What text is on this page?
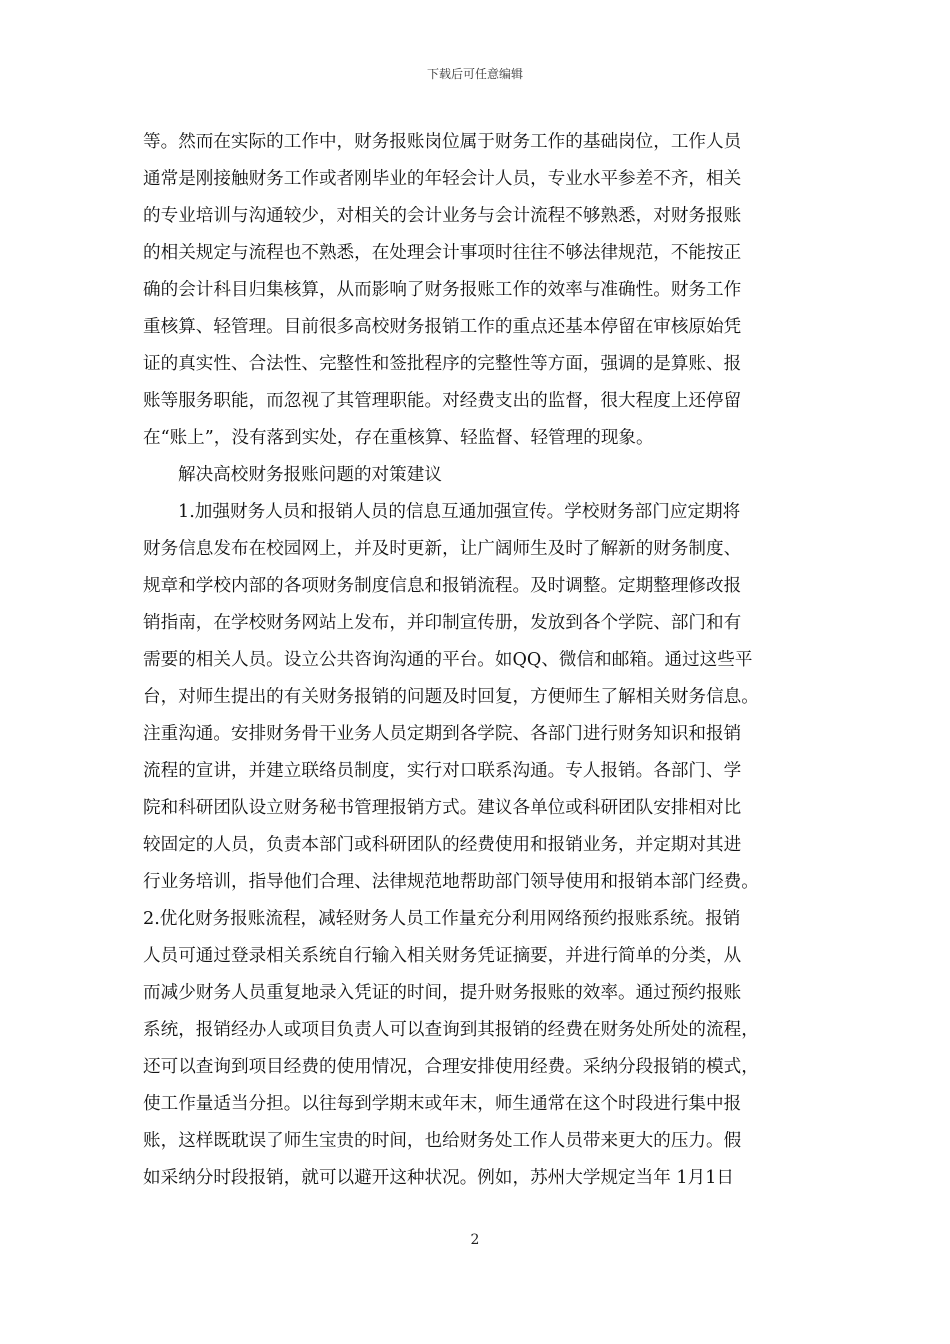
下载后可任意编辑
等。然而在实际的工作中，财务报账岗位属于财务工作的基础岗位，工作人员
通常是刚接触财务工作或者刚毕业的年轻会计人员，专业水平参差不齐，相关
的专业培训与沟通较少，对相关的会计业务与会计流程不够熟悉，对财务报账
的相关规定与流程也不熟悉，在处理会计事项时往往不够法律规范，不能按正
确的会计科目归集核算，从而影响了财务报账工作的效率与准确性。财务工作
重核算、轻管理。目前很多高校财务报销工作的重点还基本停留在审核原始凭
证的真实性、合法性、完整性和签批程序的完整性等方面，强调的是算账、报
账等服务职能，而忽视了其管理职能。对经费支出的监督，很大程度上还停留
在“账上”，没有落到实处，存在重核算、轻监督、轻管理的现象。
解决高校财务报账问题的对策建议
1.加强财务人员和报销人员的信息互通加强宣传。学校财务部门应定期将
财务信息发布在校园网上，并及时更新，让广阔师生及时了解新的财务制度、
规章和学校内部的各项财务制度信息和报销流程。及时调整。定期整理修改报
销指南，在学校财务网站上发布，并印制宣传册，发放到各个学院、部门和有
需要的相关人员。设立公共咨询沟通的平台。如QQ、微信和邮箱。通过这些平
台，对师生提出的有关财务报销的问题及时回复，方便师生了解相关财务信息。
注重沟通。安排财务骨干业务人员定期到各学院、各部门进行财务知识和报销
流程的宣讲，并建立联络员制度，实行对口联系沟通。专人报销。各部门、学
院和科研团队设立财务秘书管理报销方式。建议各单位或科研团队安排相对比
较固定的人员，负责本部门或科研团队的经费使用和报销业务，并定期对其进
行业务培训，指导他们合理、法律规范地帮助部门领导使用和报销本部门经费。
2.优化财务报账流程，减轻财务人员工作量充分利用网络预约报账系统。报销
人员可通过登录相关系统自行输入相关财务凭证摘要，并进行简单的分类，从
而减少财务人员重复地录入凭证的时间，提升财务报账的效率。通过预约报账
系统，报销经办人或项目负责人可以查询到其报销的经费在财务处所处的流程，
还可以查询到项目经费的使用情况，合理安排使用经费。采纳分段报销的模式，
使工作量适当分担。以往每到学期末或年末，师生通常在这个时段进行集中报
账，这样既耽误了师生宝贵的时间，也给财务处工作人员带来更大的压力。假
如采纳分时段报销，就可以避开这种状况。例如，苏州大学规定当年 1月1日
2
